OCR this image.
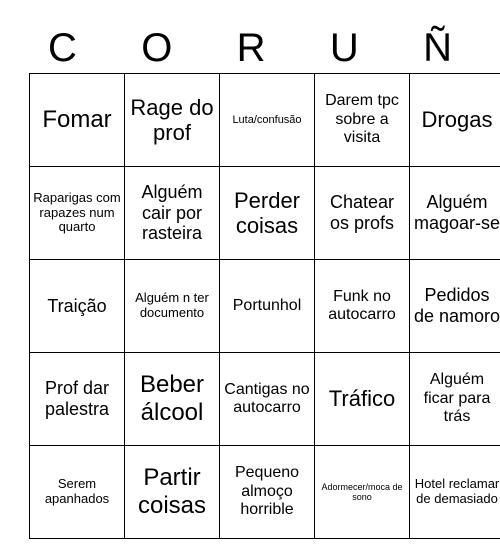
C O R U Ñ
Fomar	Rage do prof	Luta/confusão	Darem tpc sobre a visita	Drogas
Raparigas com rapazes num quarto	Alguém cair por rasteira	Perder coisas	Chatear os profs	Alguém magoar-se
Traição	Alguém n ter documento	Portunhol	Funk no autocarro	Pedidos de namoro
Prof dar palestra	Beber álcool	Cantigas no autocarro	Tráfico	Alguém ficar para trás
Serem apanhados	Partir coisas	Pequeno almoço horrible	Adormecer/moca de sono	Hotel reclamar de demasiado
